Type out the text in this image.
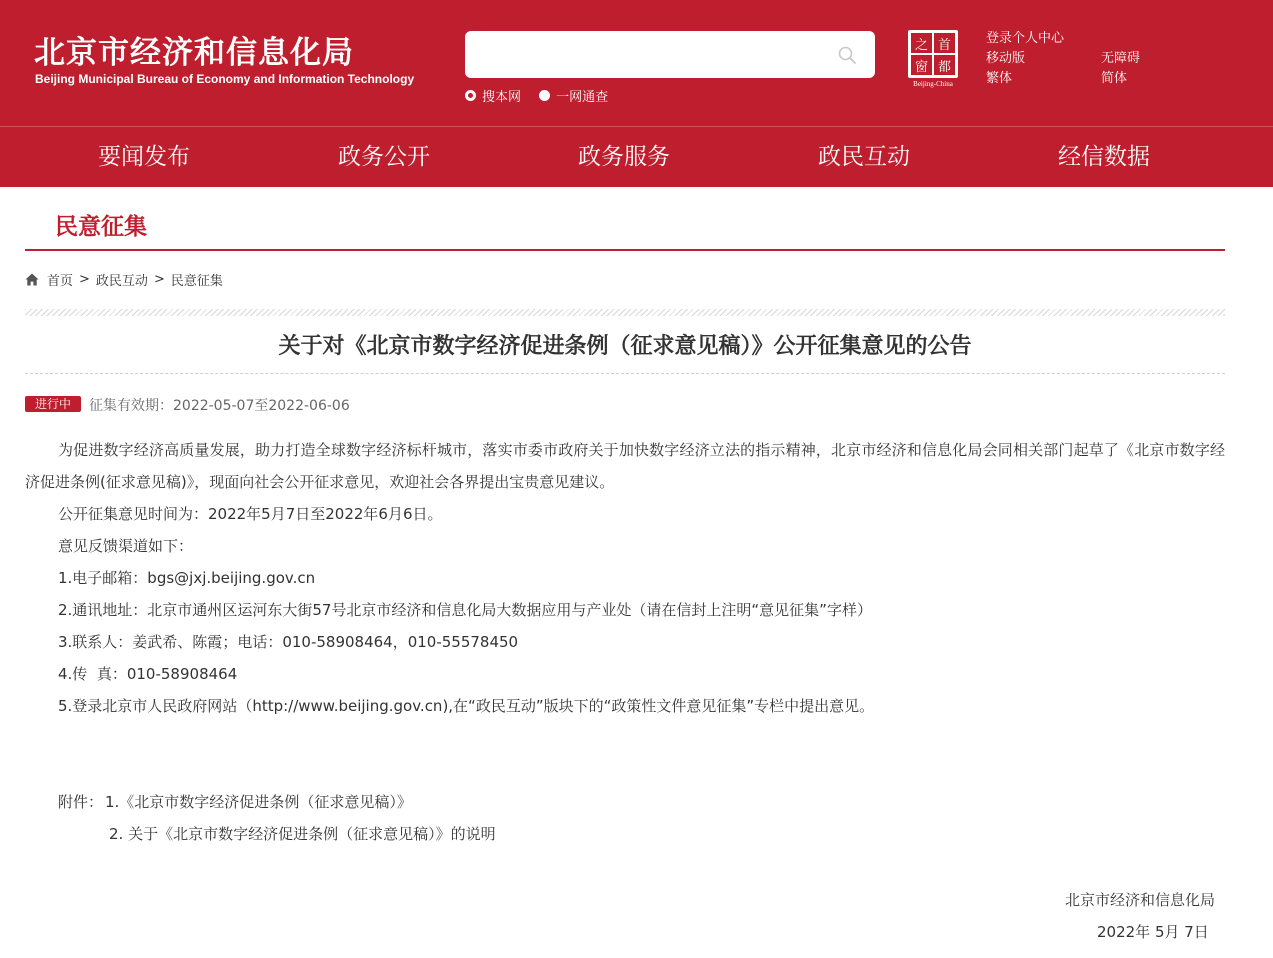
北京市经济和信息化局
Beijing Municipal Bureau of Economy and Information Technology
搜本网
	一网通查
之 首
窗 都
Beijing-China
登录个人中心
移动版	无障碍
繁体	简体
要闻发布	政务公开	政务服务	政民互动	经信数据
民意征集
首页 > 政民互动 > 民意征集
关于对《北京市数字经济促进条例（征求意见稿）》公开征集意见的公告
进行中	征集有效期：2022-05-07至2022-06-06
为促进数字经济高质量发展，助力打造全球数字经济标杆城市，落实市委市政府关于加快数字经济立法的指示精神，北京市经济和信息化局会同相关部门起草了《北京市数字经济促进条例(征求意见稿)》，现面向社会公开征求意见，欢迎社会各界提出宝贵意见建议。
公开征集意见时间为：2022年5月7日至2022年6月6日。
意见反馈渠道如下：
1.电子邮箱：bgs@jxj.beijing.gov.cn
2.通讯地址：北京市通州区运河东大街57号北京市经济和信息化局大数据应用与产业处（请在信封上注明“意见征集”字样）
3.联系人：姜武希、陈霞；电话：010-58908464，010-55578450
4.传  真：010-58908464
5.登录北京市人民政府网站（http://www.beijing.gov.cn),在“政民互动”版块下的“政策性文件意见征集”专栏中提出意见。
附件： 1.《北京市数字经济促进条例（征求意见稿）》
2. 关于《北京市数字经济促进条例（征求意见稿）》的说明
北京市经济和信息化局
2022年 5月 7日
